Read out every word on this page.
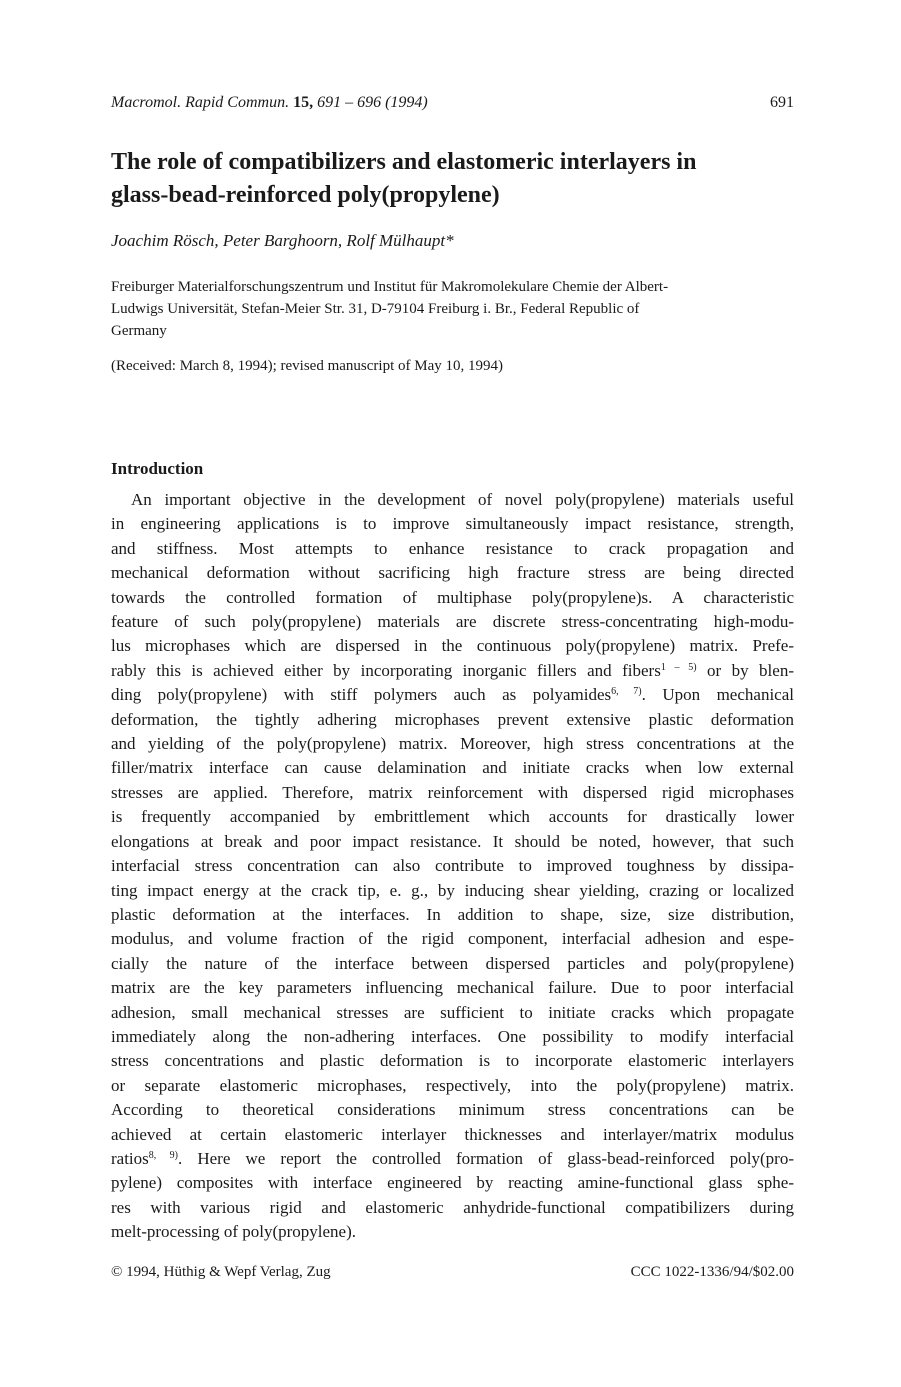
Macromol. Rapid Commun. 15, 691 – 696 (1994)	691
The role of compatibilizers and elastomeric interlayers in
glass-bead-reinforced poly(propylene)
Joachim Rösch, Peter Barghoorn, Rolf Mülhaupt*
Freiburger Materialforschungszentrum und Institut für Makromolekulare Chemie der Albert-
Ludwigs Universität, Stefan-Meier Str. 31, D-79104 Freiburg i. Br., Federal Republic of
Germany
(Received: March 8, 1994); revised manuscript of May 10, 1994)
Introduction
An important objective in the development of novel poly(propylene) materials useful
in engineering applications is to improve simultaneously impact resistance, strength,
and stiffness. Most attempts to enhance resistance to crack propagation and
mechanical deformation without sacrificing high fracture stress are being directed
towards the controlled formation of multiphase poly(propylene)s. A characteristic
feature of such poly(propylene) materials are discrete stress-concentrating high-modu-
lus microphases which are dispersed in the continuous poly(propylene) matrix. Prefe-
rably this is achieved either by incorporating inorganic fillers and fibers$^{1 - 5)}$ or by blen-
ding poly(propylene) with stiff polymers auch as polyamides$^{6, 7)}$. Upon mechanical
deformation, the tightly adhering microphases prevent extensive plastic deformation
and yielding of the poly(propylene) matrix. Moreover, high stress concentrations at the
filler/matrix interface can cause delamination and initiate cracks when low external
stresses are applied. Therefore, matrix reinforcement with dispersed rigid microphases
is frequently accompanied by embrittlement which accounts for drastically lower
elongations at break and poor impact resistance. It should be noted, however, that such
interfacial stress concentration can also contribute to improved toughness by dissipa-
ting impact energy at the crack tip, e. g., by inducing shear yielding, crazing or localized
plastic deformation at the interfaces. In addition to shape, size, size distribution,
modulus, and volume fraction of the rigid component, interfacial adhesion and espe-
cially the nature of the interface between dispersed particles and poly(propylene)
matrix are the key parameters influencing mechanical failure. Due to poor interfacial
adhesion, small mechanical stresses are sufficient to initiate cracks which propagate
immediately along the non-adhering interfaces. One possibility to modify interfacial
stress concentrations and plastic deformation is to incorporate elastomeric interlayers
or separate elastomeric microphases, respectively, into the poly(propylene) matrix.
According to theoretical considerations minimum stress concentrations can be
achieved at certain elastomeric interlayer thicknesses and interlayer/matrix modulus
ratios$^{8, 9)}$. Here we report the controlled formation of glass-bead-reinforced poly(pro-
pylene) composites with interface engineered by reacting amine-functional glass sphe-
res with various rigid and elastomeric anhydride-functional compatibilizers during
melt-processing of poly(propylene).
© 1994, Hüthig & Wepf Verlag, Zug	CCC 1022-1336/94/$02.00
